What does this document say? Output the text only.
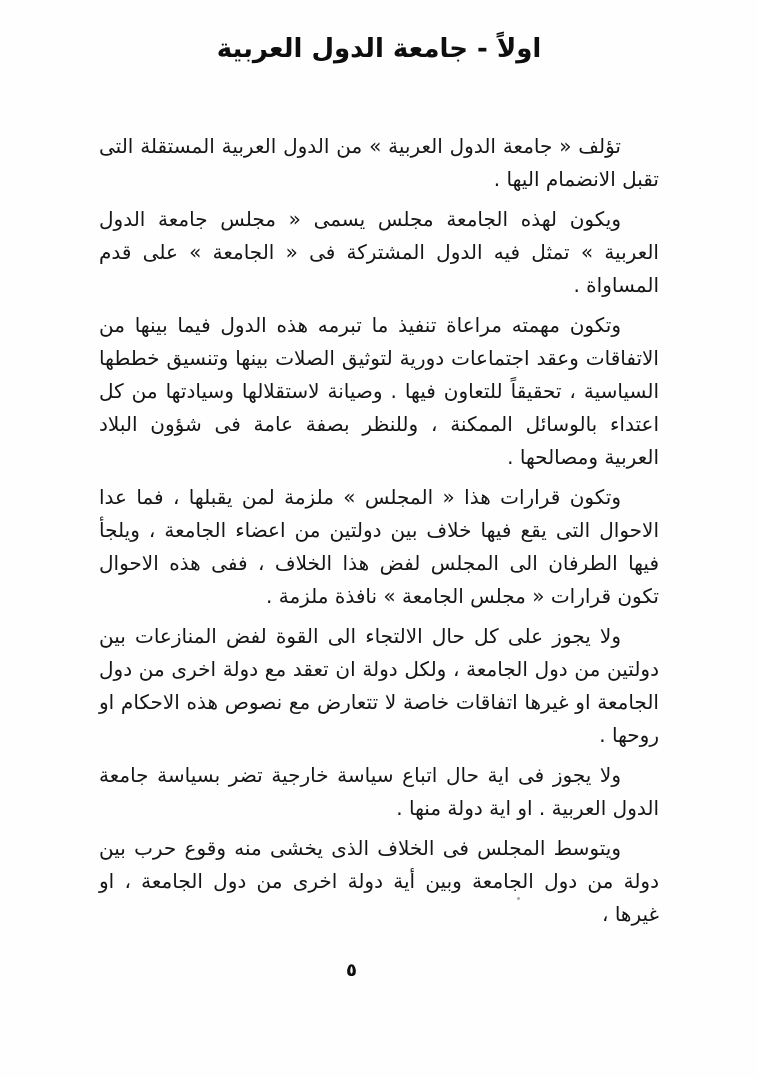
اولاً - جامعة الدول العربية

تؤلف « جامعة الدول العربية » من الدول العربية المستقلة التى تقبل الانضمام اليها .

ويكون لهذه الجامعة مجلس يسمى « مجلس جامعة الدول العربية » تمثل فيه الدول المشتركة فى « الجامعة » على قدم المساواة .

وتكون مهمته مراعاة تنفيذ ما تبرمه هذه الدول فيما بينها من الاتفاقات وعقد اجتماعات دورية لتوثيق الصلات بينها وتنسيق خططها السياسية ، تحقيقاً للتعاون فيها . وصيانة لاستقلالها وسيادتها من كل اعتداء بالوسائل الممكنة ، وللنظر بصفة عامة فى شؤون البلاد العربية ومصالحها .

وتكون قرارات هذا « المجلس » ملزمة لمن يقبلها ، فما عدا الاحوال التى يقع فيها خلاف بين دولتين من اعضاء الجامعة ، ويلجأ فيها الطرفان الى المجلس لفض هذا الخلاف ، ففى هذه الاحوال تكون قرارات « مجلس الجامعة » نافذة ملزمة .

ولا يجوز على كل حال الالتجاء الى القوة لفض المنازعات بين دولتين من دول الجامعة ، ولكل دولة ان تعقد مع دولة اخرى من دول الجامعة او غيرها اتفاقات خاصة لا تتعارض مع نصوص هذه الاحكام او روحها .

ولا يجوز فى اية حال اتباع سياسة خارجية تضر بسياسة جامعة الدول العربية . او اية دولة منها .

ويتوسط المجلس فى الخلاف الذى يخشى منه وقوع حرب بين دولة من دول الجامعة وبين أية دولة اخرى من دول الجامعة ، او غيرها ،

٥
